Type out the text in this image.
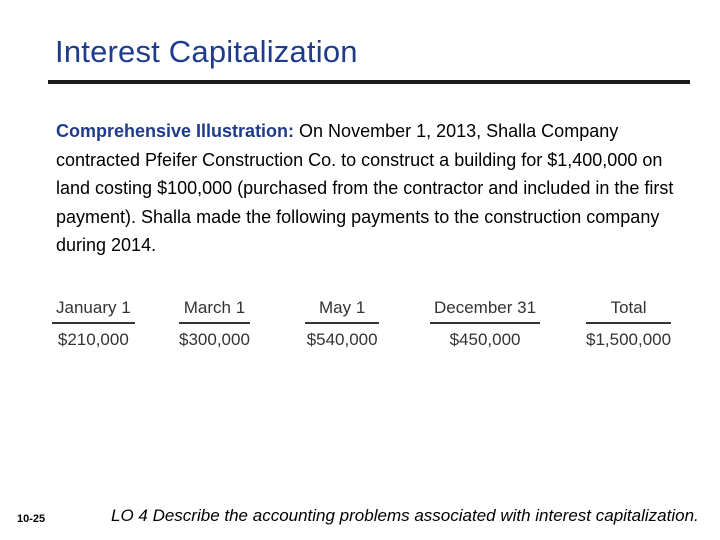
Interest Capitalization
Comprehensive Illustration: On November 1, 2013, Shalla Company contracted Pfeifer Construction Co. to construct a building for $1,400,000 on land costing $100,000 (purchased from the contractor and included in the first payment). Shalla made the following payments to the construction company during 2014.
January 1
$210,000
March 1
$300,000
May 1
$540,000
December 31
$450,000
Total
$1,500,000
10-25	LO 4 Describe the accounting problems associated with interest capitalization.
